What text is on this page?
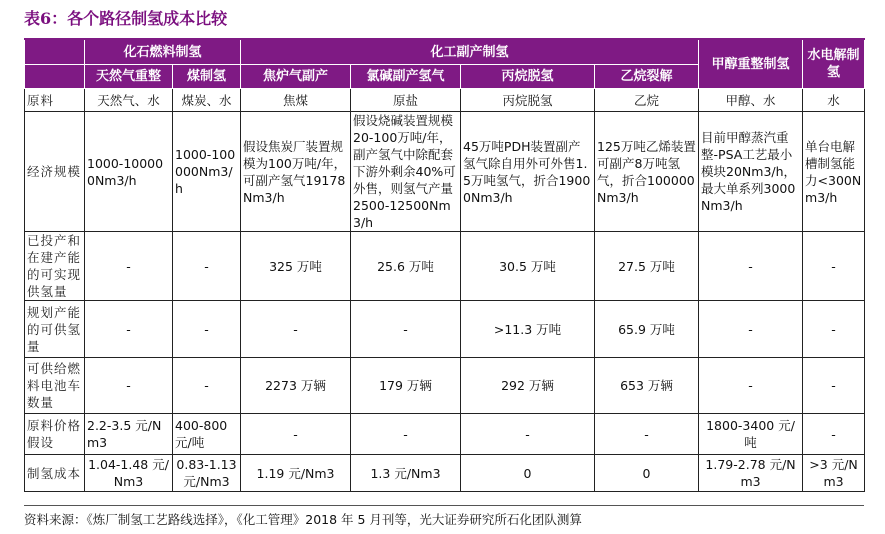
表6：各个路径制氢成本比较
	化石燃料制氢		化工副产制氢				甲醇重整制氢	水电解制氢
	天然气重整	煤制氢	焦炉气副产	氯碱副产氢气	丙烷脱氢	乙烷裂解		
原料	天然气、水	煤炭、水	焦煤	原盐	丙烷脱氢	乙烷	甲醇、水	水
经济规模	1000-100000Nm3/h	1000-100000Nm3/h	假设焦炭厂装置规模为100万吨/年，可副产氢气19178Nm3/h	假设烧碱装置规模20-100万吨/年，副产氢气中除配套下游外剩余40%可外售，则氢气产量2500-12500Nm3/h	45万吨PDH装置副产氢气除自用外可外售1.5万吨氢气，折合19000Nm3/h	125万吨乙烯装置可副产8万吨氢气，折合100000Nm3/h	目前甲醇蒸汽重整-PSA工艺最小模块20Nm3/h，最大单系列3000Nm3/h	单台电解槽制氢能力<300Nm3/h
已投产和在建产能的可实现供氢量	-	-	325 万吨	25.6 万吨	30.5 万吨	27.5 万吨	-	-
规划产能的可供氢量	-	-	-	-	>11.3 万吨	65.9 万吨	-	-
可供给燃料电池车数量	-	-	2273 万辆	179 万辆	292 万辆	653 万辆	-	-
原料价格假设	2.2-3.5 元/Nm3	400-800元/吨	-	-	-	-	1800-3400 元/吨	-
制氢成本	1.04-1.48 元/Nm3	0.83-1.13元/Nm3	1.19 元/Nm3	1.3 元/Nm3	0	0	1.79-2.78 元/Nm3	>3 元/Nm3
资料来源：《炼厂制氢工艺路线选择》，《化工管理》2018 年 5 月刊等，光大证券研究所石化团队测算
